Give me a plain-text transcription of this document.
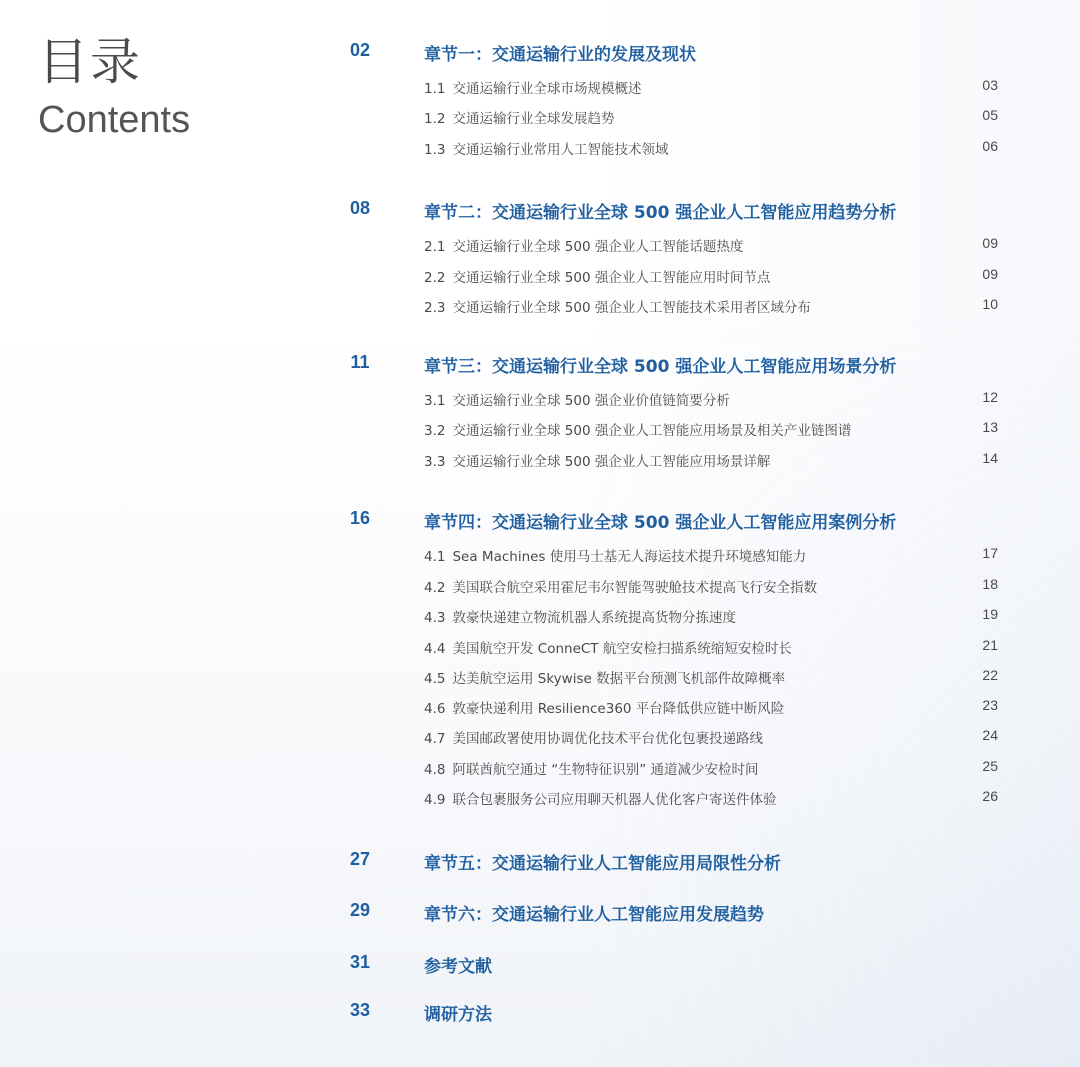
目录
Contents
02	章节一：交通运输行业的发展及现状
1.1 交通运输行业全球市场规模概述	03
1.2 交通运输行业全球发展趋势	05
1.3 交通运输行业常用人工智能技术领域	06
08	章节二：交通运输行业全球 500 强企业人工智能应用趋势分析
2.1 交通运输行业全球 500 强企业人工智能话题热度	09
2.2 交通运输行业全球 500 强企业人工智能应用时间节点	09
2.3 交通运输行业全球 500 强企业人工智能技术采用者区域分布	10
11	章节三：交通运输行业全球 500 强企业人工智能应用场景分析
3.1 交通运输行业全球 500 强企业价值链简要分析	12
3.2 交通运输行业全球 500 强企业人工智能应用场景及相关产业链图谱	13
3.3 交通运输行业全球 500 强企业人工智能应用场景详解	14
16	章节四：交通运输行业全球 500 强企业人工智能应用案例分析
4.1 Sea Machines 使用马士基无人海运技术提升环境感知能力	17
4.2 美国联合航空采用霍尼韦尔智能驾驶舱技术提高飞行安全指数	18
4.3 敦豪快递建立物流机器人系统提高货物分拣速度	19
4.4 美国航空开发 ConneCT 航空安检扫描系统缩短安检时长	21
4.5 达美航空运用 Skywise 数据平台预测飞机部件故障概率	22
4.6 敦豪快递利用 Resilience360 平台降低供应链中断风险	23
4.7 美国邮政署使用协调优化技术平台优化包裹投递路线	24
4.8 阿联酋航空通过 “生物特征识别” 通道减少安检时间	25
4.9 联合包裹服务公司应用聊天机器人优化客户寄送件体验	26
27	章节五：交通运输行业人工智能应用局限性分析
29	章节六：交通运输行业人工智能应用发展趋势
31	参考文献
33	调研方法
